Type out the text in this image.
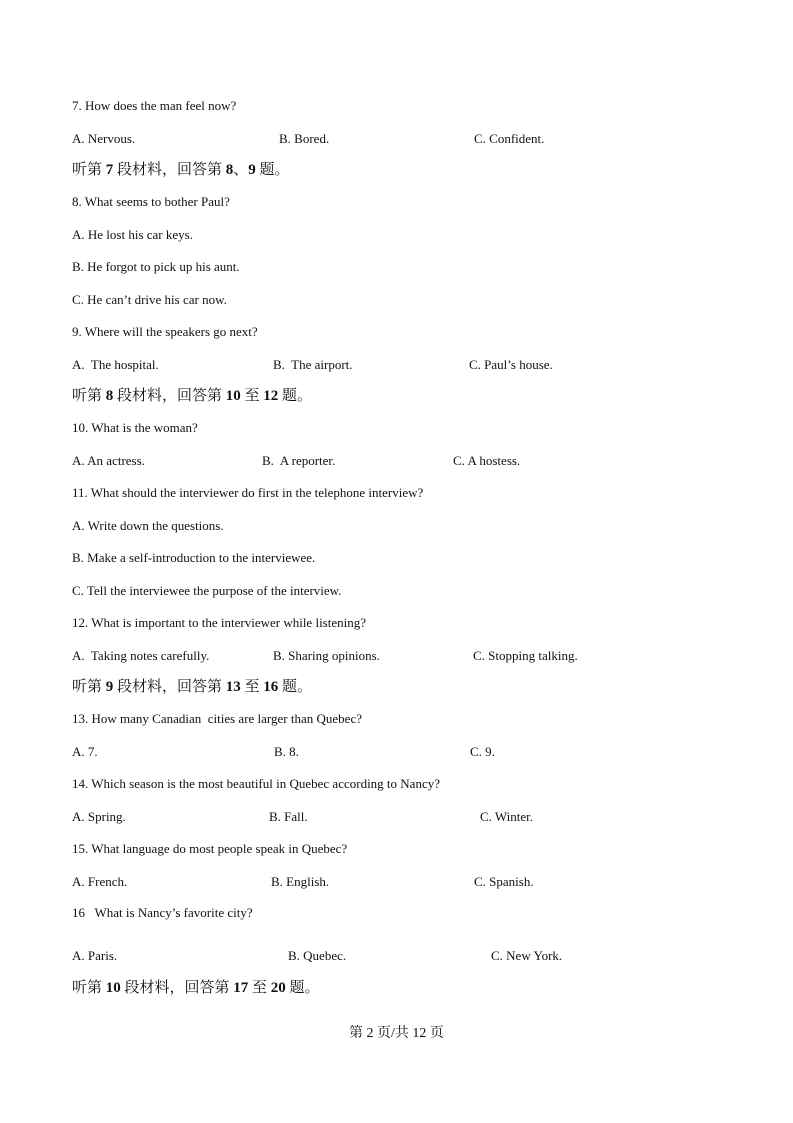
7. How does the man feel now?
A. Nervous.	B. Bored.	C. Confident.
听第 7 段材料，回答第 8、9 题。
8. What seems to bother Paul?
A. He lost his car keys.
B. He forgot to pick up his aunt.
C. He can’t drive his car now.
9. Where will the speakers go next?
A.  The hospital.	B.  The airport.	C. Paul’s house.
听第 8 段材料，回答第 10 至 12 题。
10. What is the woman?
A. An actress.	B.  A reporter.	C. A hostess.
11. What should the interviewer do first in the telephone interview?
A. Write down the questions.
B. Make a self-introduction to the interviewee.
C. Tell the interviewee the purpose of the interview.
12. What is important to the interviewer while listening?
A.  Taking notes carefully.	B. Sharing opinions.	C. Stopping talking.
听第 9 段材料，回答第 13 至 16 题。
13. How many Canadian  cities are larger than Quebec?
A. 7.	B. 8.	C. 9.
14. Which season is the most beautiful in Quebec according to Nancy?
A. Spring.	B. Fall.	C. Winter.
15. What language do most people speak in Quebec?
A. French.	B. English.	C. Spanish.
16   What is Nancy’s favorite city?
A. Paris.	B. Quebec.	C. New York.
听第 10 段材料，回答第 17 至 20 题。
第 2 页/共 12 页
